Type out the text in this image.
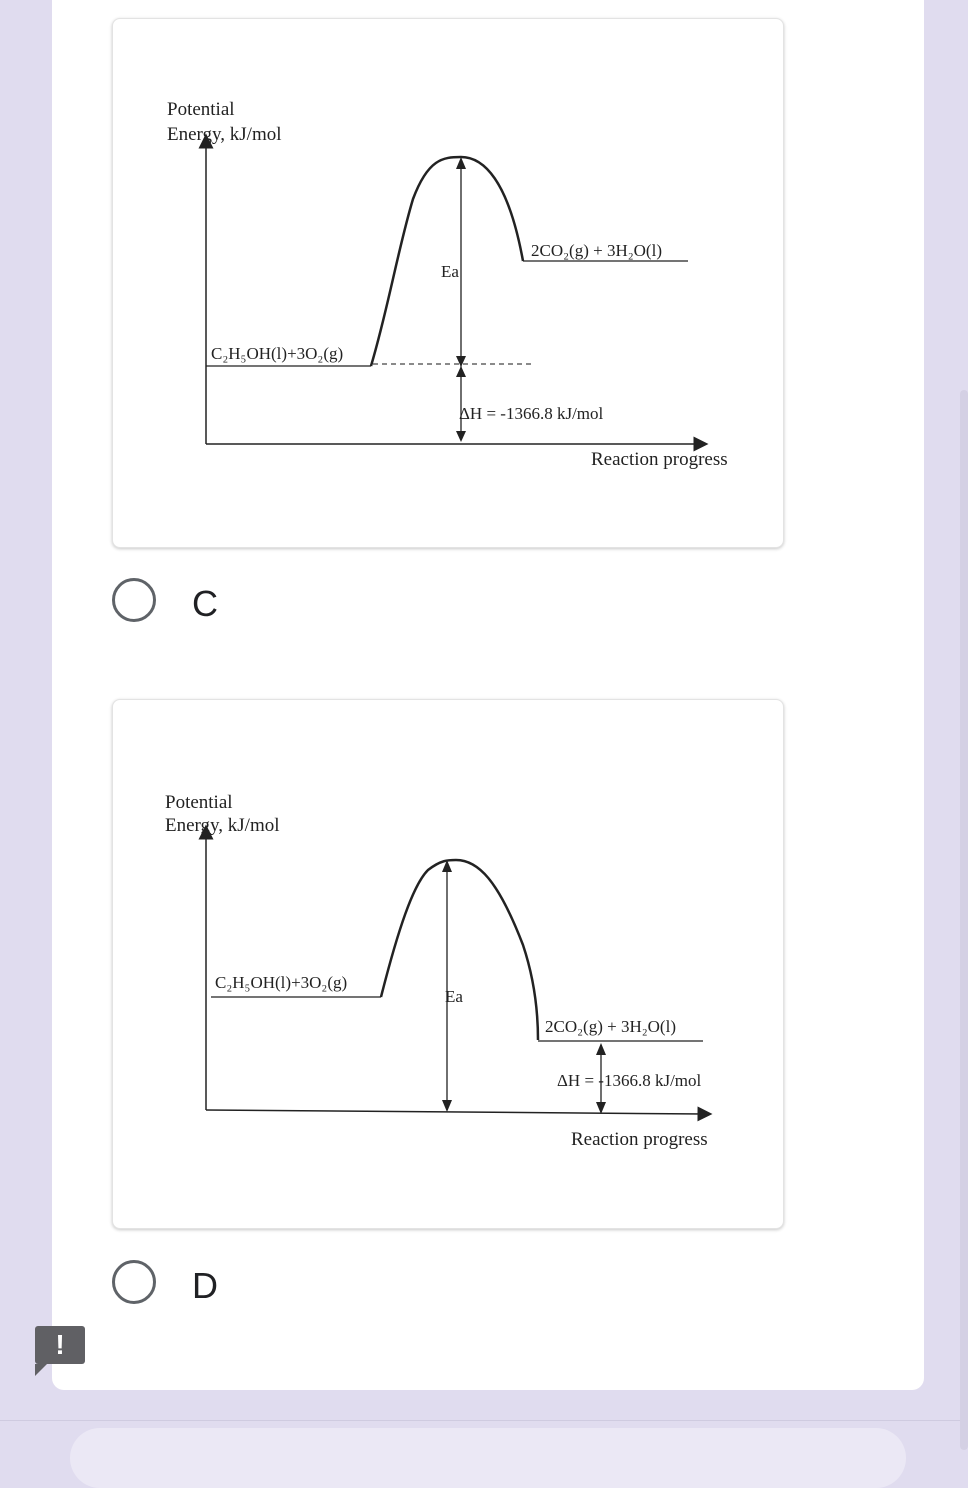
Potential
Energy, kJ/mol
Reaction progress
C₂H₅OH(l)+3O₂(g)
2CO₂(g) + 3H₂O(l)
Ea
ΔH = -1366.8 kJ/mol
C
Potential
Energy, kJ/mol
Reaction progress
C₂H₅OH(l)+3O₂(g)
2CO₂(g) + 3H₂O(l)
Ea
ΔH = -1366.8 kJ/mol
D
!
